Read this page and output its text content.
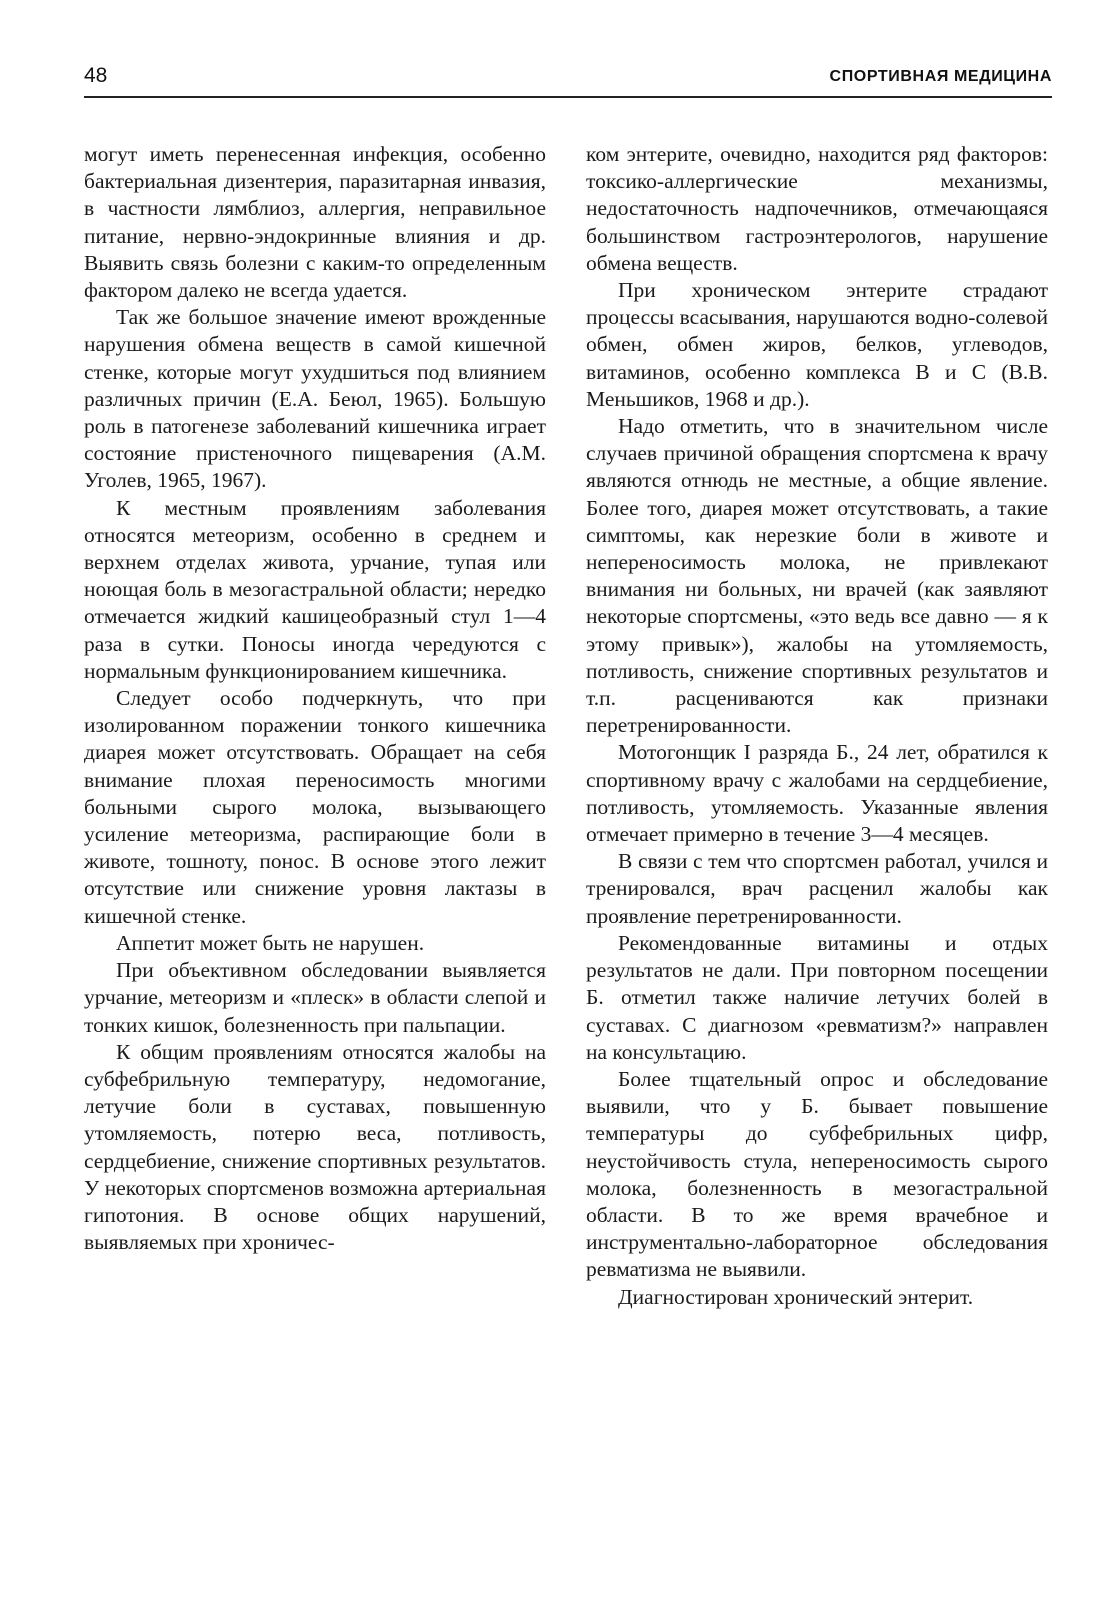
48	СПОРТИВНАЯ МЕДИЦИНА

могут иметь перенесенная инфекция, особенно бактериальная дизентерия, паразитарная инвазия, в частности лямблиоз, аллергия, неправильное питание, нервно-эндокринные влияния и др. Выявить связь болезни с каким-то определенным фактором далеко не всегда удается.

Так же большое значение имеют врожденные нарушения обмена веществ в самой кишечной стенке, которые могут ухудшиться под влиянием различных причин (Е.А. Беюл, 1965). Большую роль в патогенезе заболеваний кишечника играет состояние пристеночного пищеварения (А.М. Уголев, 1965, 1967).

К местным проявлениям заболевания относятся метеоризм, особенно в среднем и верхнем отделах живота, урчание, тупая или ноющая боль в мезогастральной области; нередко отмечается жидкий кашицеобразный стул 1—4 раза в сутки. Поносы иногда чередуются с нормальным функционированием кишечника.

Следует особо подчеркнуть, что при изолированном поражении тонкого кишечника диарея может отсутствовать. Обращает на себя внимание плохая переносимость многими больными сырого молока, вызывающего усиление метеоризма, распирающие боли в животе, тошноту, понос. В основе этого лежит отсутствие или снижение уровня лактазы в кишечной стенке.

Аппетит может быть не нарушен.

При объективном обследовании выявляется урчание, метеоризм и «плеск» в области слепой и тонких кишок, болезненность при пальпации.

К общим проявлениям относятся жалобы на субфебрильную температуру, недомогание, летучие боли в суставах, повышенную утомляемость, потерю веса, потливость, сердцебиение, снижение спортивных результатов. У некоторых спортсменов возможна артериальная гипотония. В основе общих нарушений, выявляемых при хроничес-

ком энтерите, очевидно, находится ряд факторов: токсико-аллергические механизмы, недостаточность надпочечников, отмечающаяся большинством гастроэнтерологов, нарушение обмена веществ.

При хроническом энтерите страдают процессы всасывания, нарушаются водно-солевой обмен, обмен жиров, белков, углеводов, витаминов, особенно комплекса В и С (В.В. Меньшиков, 1968 и др.).

Надо отметить, что в значительном числе случаев причиной обращения спортсмена к врачу являются отнюдь не местные, а общие явление. Более того, диарея может отсутствовать, а такие симптомы, как нерезкие боли в животе и непереносимость молока, не привлекают внимания ни больных, ни врачей (как заявляют некоторые спортсмены, «это ведь все давно — я к этому привык»), жалобы на утомляемость, потливость, снижение спортивных результатов и т.п. расцениваются как признаки перетренированности.

Мотогонщик I разряда Б., 24 лет, обратился к спортивному врачу с жалобами на сердцебиение, потливость, утомляемость. Указанные явления отмечает примерно в течение 3—4 месяцев.

В связи с тем что спортсмен работал, учился и тренировался, врач расценил жалобы как проявление перетренированности.

Рекомендованные витамины и отдых результатов не дали. При повторном посещении Б. отметил также наличие летучих болей в суставах. С диагнозом «ревматизм?» направлен на консультацию.

Более тщательный опрос и обследование выявили, что у Б. бывает повышение температуры до субфебрильных цифр, неустойчивость стула, непереносимость сырого молока, болезненность в мезогастральной области. В то же время врачебное и инструментально-лабораторное обследования ревматизма не выявили.

Диагностирован хронический энтерит.
